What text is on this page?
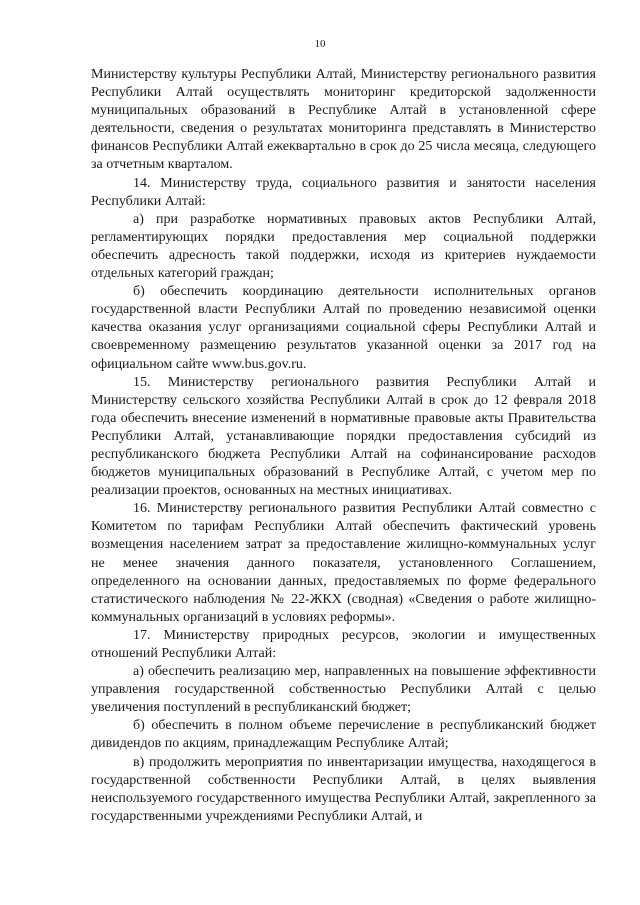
10

Министерству культуры Республики Алтай, Министерству регионального развития Республики Алтай осуществлять мониторинг кредиторской задолженности муниципальных образований в Республике Алтай в установленной сфере деятельности, сведения о результатах мониторинга представлять в Министерство финансов Республики Алтай ежеквартально в срок до 25 числа месяца, следующего за отчетным кварталом.

14. Министерству труда, социального развития и занятости населения Республики Алтай:

а) при разработке нормативных правовых актов Республики Алтай, регламентирующих порядки предоставления мер социальной поддержки обеспечить адресность такой поддержки, исходя из критериев нуждаемости отдельных категорий граждан;

б) обеспечить координацию деятельности исполнительных органов государственной власти Республики Алтай по проведению независимой оценки качества оказания услуг организациями социальной сферы Республики Алтай и своевременному размещению результатов указанной оценки за 2017 год на официальном сайте www.bus.gov.ru.

15. Министерству регионального развития Республики Алтай и Министерству сельского хозяйства Республики Алтай в срок до 12 февраля 2018 года обеспечить внесение изменений в нормативные правовые акты Правительства Республики Алтай, устанавливающие порядки предоставления субсидий из республиканского бюджета Республики Алтай на софинансирование расходов бюджетов муниципальных образований в Республике Алтай, с учетом мер по реализации проектов, основанных на местных инициативах.

16. Министерству регионального развития Республики Алтай совместно с Комитетом по тарифам Республики Алтай обеспечить фактический уровень возмещения населением затрат за предоставление жилищно-коммунальных услуг не менее значения данного показателя, установленного Соглашением, определенного на основании данных, предоставляемых по форме федерального статистического наблюдения № 22-ЖКХ (сводная) «Сведения о работе жилищно-коммунальных организаций в условиях реформы».

17. Министерству природных ресурсов, экологии и имущественных отношений Республики Алтай:

а) обеспечить реализацию мер, направленных на повышение эффективности управления государственной собственностью Республики Алтай с целью увеличения поступлений в республиканский бюджет;

б) обеспечить в полном объеме перечисление в республиканский бюджет дивидендов по акциям, принадлежащим Республике Алтай;

в) продолжить мероприятия по инвентаризации имущества, находящегося в государственной собственности Республики Алтай, в целях выявления неиспользуемого государственного имущества Республики Алтай, закрепленного за государственными учреждениями Республики Алтай, и
